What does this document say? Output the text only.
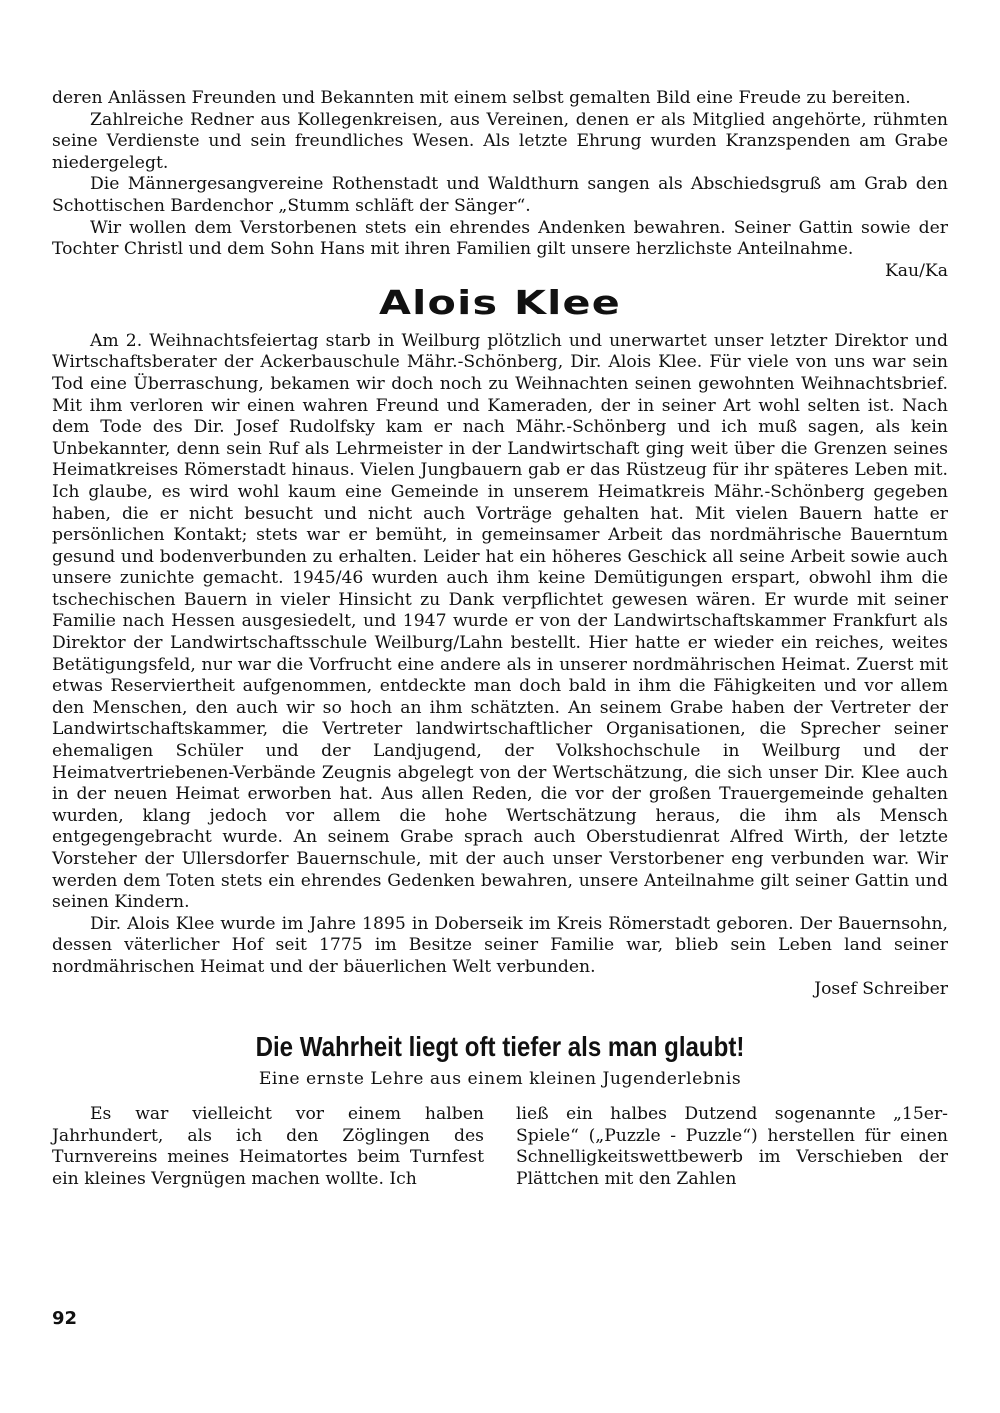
deren Anlässen Freunden und Bekannten mit einem selbst gemalten Bild eine Freude zu bereiten.

Zahlreiche Redner aus Kollegenkreisen, aus Vereinen, denen er als Mitglied angehörte, rühmten seine Verdienste und sein freundliches Wesen. Als letzte Ehrung wurden Kranzspenden am Grabe niedergelegt.

Die Männergesangvereine Rothenstadt und Waldthurn sangen als Abschiedsgruß am Grab den Schottischen Bardenchor „Stumm schläft der Sänger“.

Wir wollen dem Verstorbenen stets ein ehrendes Andenken bewahren. Seiner Gattin sowie der Tochter Christl und dem Sohn Hans mit ihren Familien gilt unsere herzlichste Anteilnahme.
Kau/Ka

Alois Klee

Am 2. Weihnachtsfeiertag starb in Weilburg plötzlich und unerwartet unser letzter Direktor und Wirtschaftsberater der Ackerbauschule Mähr.-Schönberg, Dir. Alois Klee. Für viele von uns war sein Tod eine Überraschung, bekamen wir doch noch zu Weihnachten seinen gewohnten Weihnachtsbrief. Mit ihm verloren wir einen wahren Freund und Kameraden, der in seiner Art wohl selten ist. Nach dem Tode des Dir. Josef Rudolfsky kam er nach Mähr.-Schönberg und ich muß sagen, als kein Unbekannter, denn sein Ruf als Lehrmeister in der Landwirtschaft ging weit über die Grenzen seines Heimatkreises Römerstadt hinaus. Vielen Jungbauern gab er das Rüstzeug für ihr späteres Leben mit. Ich glaube, es wird wohl kaum eine Gemeinde in unserem Heimatkreis Mähr.-Schönberg gegeben haben, die er nicht besucht und nicht auch Vorträge gehalten hat. Mit vielen Bauern hatte er persönlichen Kontakt; stets war er bemüht, in gemeinsamer Arbeit das nordmährische Bauerntum gesund und bodenverbunden zu erhalten. Leider hat ein höheres Geschick all seine Arbeit sowie auch unsere zunichte gemacht. 1945/46 wurden auch ihm keine Demütigungen erspart, obwohl ihm die tschechischen Bauern in vieler Hinsicht zu Dank verpflichtet gewesen wären. Er wurde mit seiner Familie nach Hessen ausgesiedelt, und 1947 wurde er von der Landwirtschaftskammer Frankfurt als Direktor der Landwirtschaftsschule Weilburg/Lahn bestellt. Hier hatte er wieder ein reiches, weites Betätigungsfeld, nur war die Vorfrucht eine andere als in unserer nordmährischen Heimat. Zuerst mit etwas Reserviertheit aufgenommen, entdeckte man doch bald in ihm die Fähigkeiten und vor allem den Menschen, den auch wir so hoch an ihm schätzten. An seinem Grabe haben der Vertreter der Landwirtschaftskammer, die Vertreter landwirtschaftlicher Organisationen, die Sprecher seiner ehemaligen Schüler und der Landjugend, der Volkshochschule in Weilburg und der Heimatvertriebenen-Verbände Zeugnis abgelegt von der Wertschätzung, die sich unser Dir. Klee auch in der neuen Heimat erworben hat. Aus allen Reden, die vor der großen Trauergemeinde gehalten wurden, klang jedoch vor allem die hohe Wertschätzung heraus, die ihm als Mensch entgegengebracht wurde. An seinem Grabe sprach auch Oberstudienrat Alfred Wirth, der letzte Vorsteher der Ullersdorfer Bauernschule, mit der auch unser Verstorbener eng verbunden war. Wir werden dem Toten stets ein ehrendes Gedenken bewahren, unsere Anteilnahme gilt seiner Gattin und seinen Kindern.

Dir. Alois Klee wurde im Jahre 1895 in Doberseik im Kreis Römerstadt geboren. Der Bauernsohn, dessen väterlicher Hof seit 1775 im Besitze seiner Familie war, blieb sein Leben land seiner nordmährischen Heimat und der bäuerlichen Welt verbunden.

Josef Schreiber

Die Wahrheit liegt oft tiefer als man glaubt!

Eine ernste Lehre aus einem kleinen Jugenderlebnis

Es war vielleicht vor einem halben Jahrhundert, als ich den Zöglingen des Turnvereins meines Heimatortes beim Turnfest ein kleines Vergnügen machen wollte. Ich

ließ ein halbes Dutzend sogenannte „15er-Spiele“ („Puzzle - Puzzle“) herstellen für einen Schnelligkeitswettbewerb im Verschieben der Plättchen mit den Zahlen

92
